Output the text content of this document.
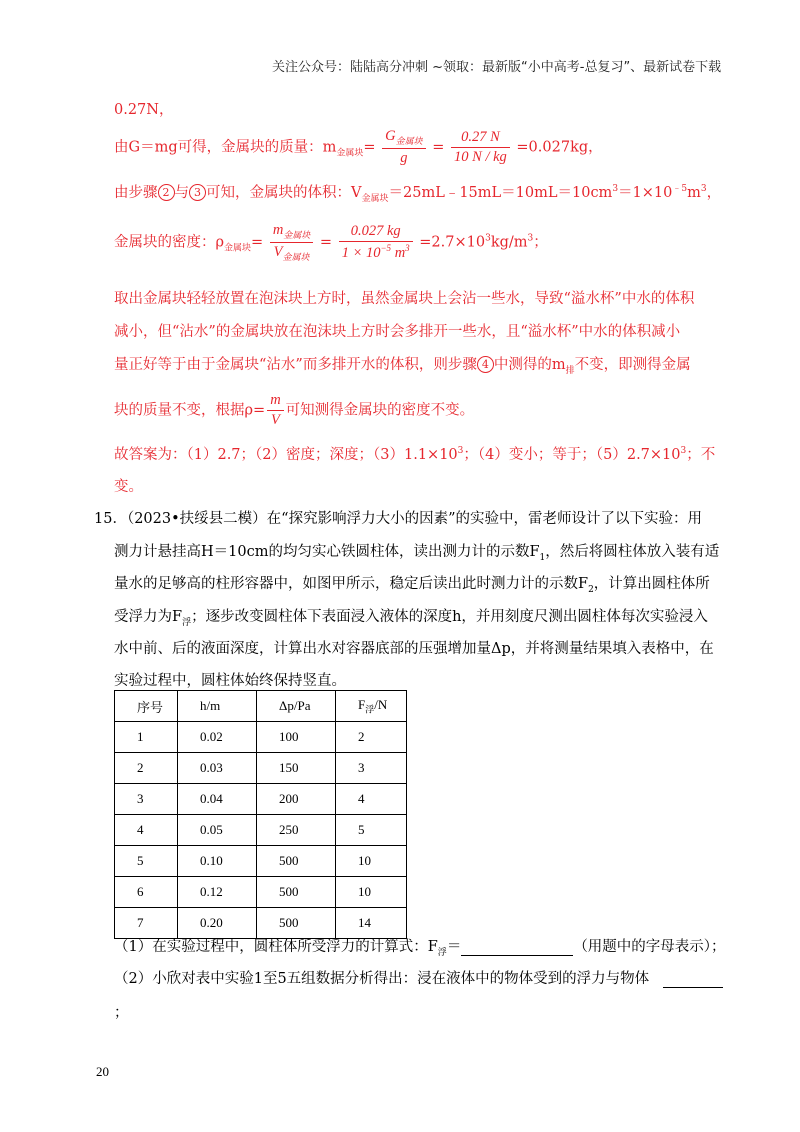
关注公众号：陆陆高分冲刺 ~领取：最新版“小中高考-总复习”、最新试卷下载
0.27N，
由G＝mg可得，金属块的质量：$m_{金属块}= \frac{G_{金属块}}{g} = \frac{0.27 N}{10 N / kg} =0.027kg$，
由步骤 2 与 3 可知，金属块的体积：$V_{金属块}=25mL﹣15mL=10mL=10cm^3=1\times 10^{﹣5}m^3$，
金属块的密度：$\rho_{金属块}= \frac{m_{金属块}}{V_{金属块}} = \frac{0.027 kg}{1 \times 10^{-5} m^3} =2.7\times 10^3kg/m^3$；
取出金属块轻轻放置在泡沫块上方时，虽然金属块上会沾一些水，导致“溢水杯”中水的体积
减小，但“沾水”的金属块放在泡沫块上方时会多排开一些水，且“溢水杯”中水的体积减小
量正好等于由于金属块“沾水”而多排开水的体积，则步骤 4 中测得的$m_排$不变，即测得金属
块的质量不变，根据$\rho= \frac{m}{V}$ 可知测得金属块的密度不变。
故答案为：（1）2.7；（2）密度；深度；$(3)1.1\times 10^3$；（4）变小；等于；$(5)2.7\times 10^3$；不
变。
15．（2023•扶绥县二模）在“探究影响浮力大小的因素”的实验中，雷老师设计了以下实验：用
测力计悬挂高H＝10cm的均匀实心铁圆柱体，读出测力计的示数$F_1$，然后将圆柱体放入装有适
量水的足够高的柱形容器中，如图甲所示，稳定后读出此时测力计的示数$F_2$，计算出圆柱体所
受浮力为$F_浮$；逐步改变圆柱体下表面浸入液体的深度h，并用刻度尺测出圆柱体每次实验浸入
水中前、后的液面深度，计算出水对容器底部的压强增加量Δp，并将测量结果填入表格中，在
实验过程中，圆柱体始终保持竖直。
序号	h/m	Δp/Pa	$F_浮/N$
1	0.02	100	2
2	0.03	150	3
3	0.04	200	4
4	0.05	250	5
5	0.10	500	10
6	0.12	500	10
7	0.20	500	14
（1）在实验过程中，圆柱体所受浮力的计算式：$F_浮=$	（用题中的字母表示）；
（2）小欣对表中实验1至5五组数据分析得出：浸在液体中的物体受到的浮力与物体
；
20
